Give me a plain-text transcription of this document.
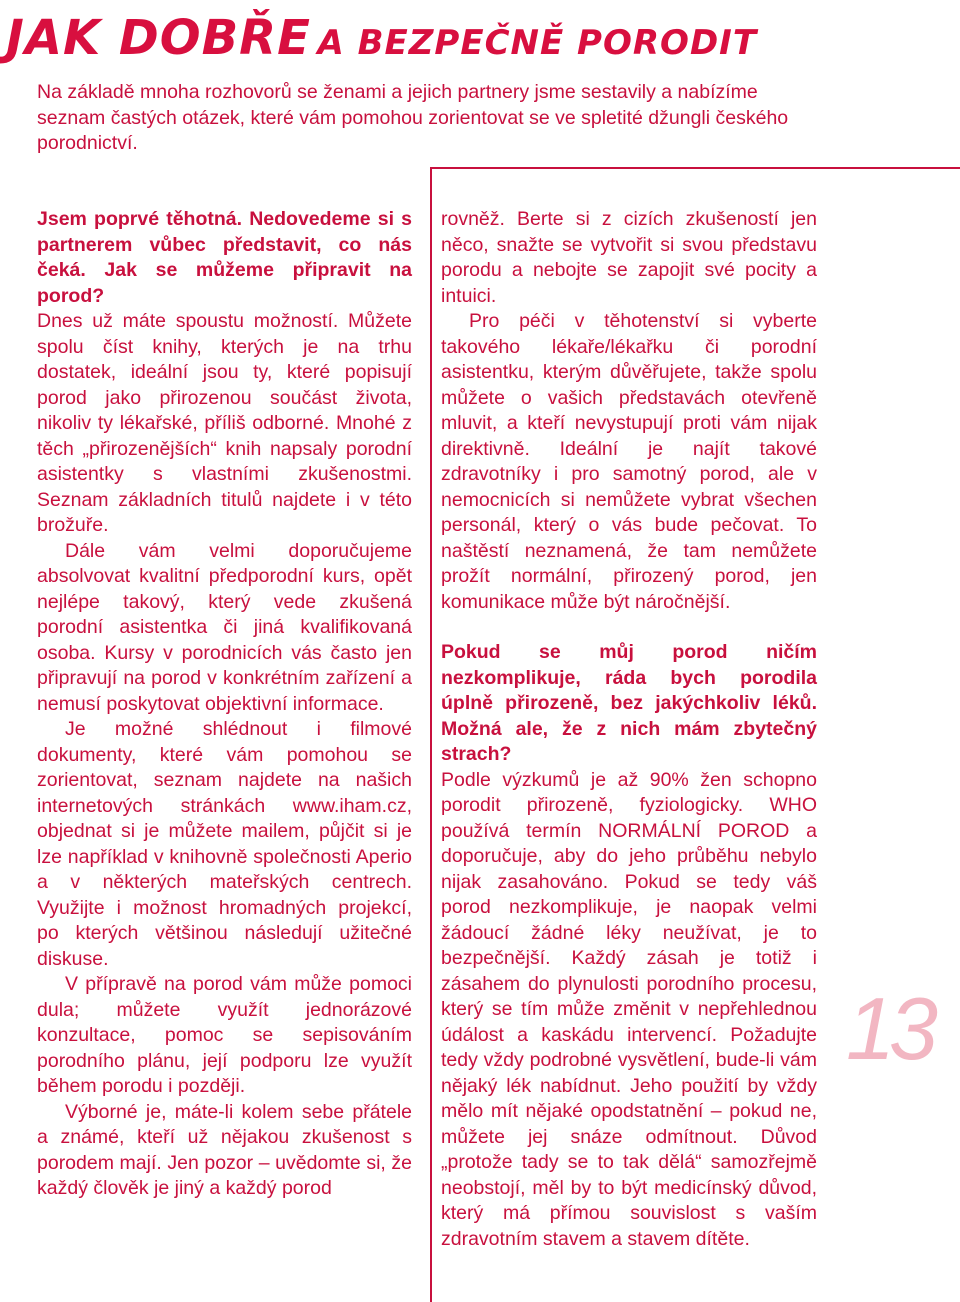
JAK DOBŘE A BEZPEČNĚ PORODIT
Na základě mnoha rozhovorů se ženami a jejich partnery jsme sestavily a nabízíme seznam častých otázek, které vám pomohou zorientovat se ve spletité džungli českého porodnictví.

Jsem poprvé těhotná. Nedovedeme si s partnerem vůbec představit, co nás čeká. Jak se můžeme připravit na porod?

Dnes už máte spoustu možností. Můžete spolu číst knihy, kterých je na trhu dostatek, ideální jsou ty, které popisují porod jako přirozenou součást života, nikoliv ty lékařské, příliš odborné. Mnohé z těch „přirozenějších“ knih napsaly porodní asistentky s vlastními zkušenostmi. Seznam základních titulů najdete i v této brožuře.

Dále vám velmi doporučujeme absolvovat kvalitní předporodní kurs, opět nejlépe takový, který vede zkušená porodní asistentka či jiná kvalifikovaná osoba. Kursy v porodnicích vás často jen připravují na porod v konkrétním zařízení a nemusí poskytovat objektivní informace.

Je možné shlédnout i filmové dokumenty, které vám pomohou se zorientovat, seznam najdete na našich internetových stránkách www.iham.cz, objednat si je můžete mailem, půjčit si je lze například v knihovně společnosti Aperio a v některých mateřských centrech. Využijte i možnost hromadných projekcí, po kterých většinou následují užitečné diskuse.

V přípravě na porod vám může pomoci dula; můžete využít jednorázové konzultace, pomoc se sepisováním porodního plánu, její podporu lze využít během porodu i později.

Výborné je, máte-li kolem sebe přátele a známé, kteří už nějakou zkušenost s porodem mají. Jen pozor – uvědomte si, že každý člověk je jiný a každý porod

rovněž. Berte si z cizích zkušeností jen něco, snažte se vytvořit si svou představu porodu a nebojte se zapojit své pocity a intuici.

Pro péči v těhotenství si vyberte takového lékaře/lékařku či porodní asistentku, kterým důvěřujete, takže spolu můžete o vašich představách otevřeně mluvit, a kteří nevystupují proti vám nijak direktivně. Ideální je najít takové zdravotníky i pro samotný porod, ale v nemocnicích si nemůžete vybrat všechen personál, který o vás bude pečovat. To naštěstí neznamená, že tam nemůžete prožít normální, přirozený porod, jen komunikace může být náročnější.

Pokud se můj porod ničím nezkomplikuje, ráda bych porodila úplně přirozeně, bez jakýchkoliv léků. Možná ale, že z nich mám zbytečný strach?

Podle výzkumů je až 90% žen schopno porodit přirozeně, fyziologicky. WHO používá termín NORMÁLNÍ POROD a doporučuje, aby do jeho průběhu nebylo nijak zasahováno. Pokud se tedy váš porod nezkomplikuje, je naopak velmi žádoucí žádné léky neužívat, je to bezpečnější. Každý zásah je totiž i zásahem do plynulosti porodního procesu, který se tím může změnit v nepřehlednou údálost a kaskádu intervencí. Požadujte tedy vždy podrobné vysvětlení, bude-li vám nějaký lék nabídnut. Jeho použití by vždy mělo mít nějaké opodstatnění – pokud ne, můžete jej snáze odmítnout. Důvod „protože tady se to tak dělá“ samozřejmě neobstojí, měl by to být medicínský důvod, který má přímou souvislost s vaším zdravotním stavem a stavem dítěte.

13
